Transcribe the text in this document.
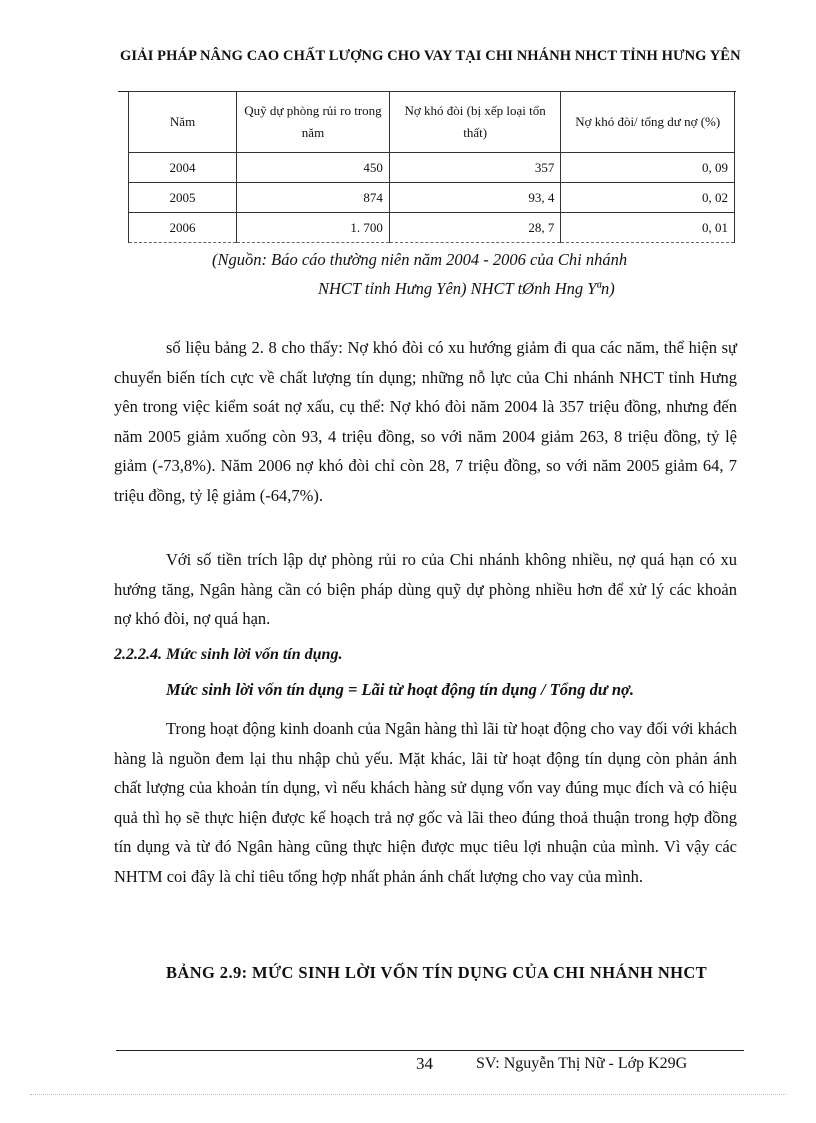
GIẢI PHÁP NÂNG CAO CHẤT LƯỢNG CHO VAY TẠI CHI NHÁNH NHCT TỈNH HƯNG YÊN
Năm	Quỹ dự phòng rủi ro trong năm	Nợ khó đòi (bị xếp loại tổn thất)	Nợ khó đòi/ tổng dư nợ (%)
2004	450	357	0, 09
2005	874	93, 4	0, 02
2006	1. 700	28, 7	0, 01
(Nguồn: Báo cáo thường niên năm 2004 - 2006 của Chi nhánh
NHCT tỉnh Hưng Yên) NHCT tØnh Hng Yªn)

số liệu bảng 2. 8 cho thấy: Nợ khó đòi có xu hướng giảm đi qua các năm, thể hiện sự chuyển biến tích cực về chất lượng tín dụng; những nỗ lực của Chi nhánh NHCT tỉnh Hưng yên trong việc kiểm soát nợ xấu, cụ thể: Nợ khó đòi năm 2004 là 357 triệu đồng, nhưng đến năm 2005 giảm xuống còn 93, 4 triệu đồng, so với năm 2004 giảm 263, 8 triệu đồng, tỷ lệ giảm (-73,8%). Năm 2006 nợ khó đòi chỉ còn 28, 7 triệu đồng, so với năm 2005 giảm 64, 7 triệu đồng, tỷ lệ giảm (-64,7%).

Với số tiền trích lập dự phòng rủi ro của Chi nhánh không nhiều, nợ quá hạn có xu hướng tăng, Ngân hàng cần có biện pháp dùng quỹ dự phòng nhiều hơn để xử lý các khoản nợ khó đòi, nợ quá hạn.

2.2.2.4. Mức sinh lời vốn tín dụng.
Mức sinh lời vốn tín dụng = Lãi từ hoạt động tín dụng / Tổng dư nợ.

Trong hoạt động kinh doanh của Ngân hàng thì lãi từ hoạt động cho vay đối với khách hàng là nguồn đem lại thu nhập chủ yếu. Mặt khác, lãi từ hoạt động tín dụng còn phản ánh chất lượng của khoản tín dụng, vì nếu khách hàng sử dụng vốn vay đúng mục đích và có hiệu quả thì họ sẽ thực hiện được kế hoạch trả nợ gốc và lãi theo đúng thoả thuận trong hợp đồng tín dụng và từ đó Ngân hàng cũng thực hiện được mục tiêu lợi nhuận của mình. Vì vậy các NHTM coi đây là chỉ tiêu tổng hợp nhất phản ánh chất lượng cho vay của mình.

BẢNG 2.9: MỨC SINH LỜI VỐN TÍN DỤNG CỦA CHI NHÁNH NHCT
34	SV: Nguyễn Thị Nữ - Lớp K29G
